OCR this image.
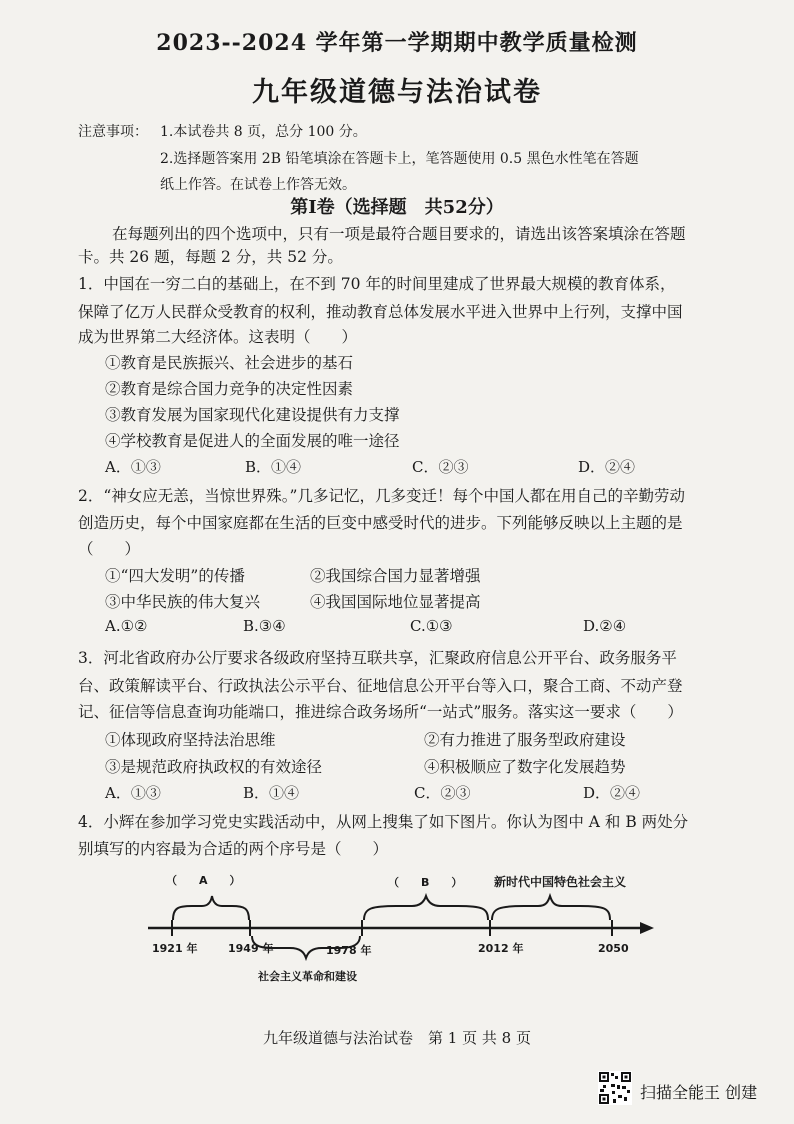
2023--2024 学年第一学期期中教学质量检测
九年级道德与法治试卷
注意事项： 1.本试卷共 8 页，总分 100 分。
2.选择题答案用 2B 铅笔填涂在答题卡上，笔答题使用 0.5 黑色水性笔在答题
纸上作答。在试卷上作答无效。
第Ⅰ卷（选择题　共52分）
在每题列出的四个选项中，只有一项是最符合题目要求的，请选出该答案填涂在答题
卡。共 26 题，每题 2 分，共 52 分。
1．中国在一穷二白的基础上，在不到 70 年的时间里建成了世界最大规模的教育体系，
保障了亿万人民群众受教育的权利，推动教育总体发展水平进入世界中上行列，支撑中国
成为世界第二大经济体。这表明（　　）
①教育是民族振兴、社会进步的基石
②教育是综合国力竞争的决定性因素
③教育发展为国家现代化建设提供有力支撑
④学校教育是促进人的全面发展的唯一途径
A．①③	B．①④	C．②③	D．②④
2．“神女应无恙，当惊世界殊。”几多记忆，几多变迁！每个中国人都在用自己的辛勤劳动
创造历史，每个中国家庭都在生活的巨变中感受时代的进步。下列能够反映以上主题的是
（　　）
①“四大发明”的传播	②我国综合国力显著增强
③中华民族的伟大复兴	④我国国际地位显著提高
A.①②	B.③④	C.①③	D.②④
3．河北省政府办公厅要求各级政府坚持互联共享，汇聚政府信息公开平台、政务服务平
台、政策解读平台、行政执法公示平台、征地信息公开平台等入口，聚合工商、不动产登
记、征信等信息查询功能端口，推进综合政务场所“一站式”服务。落实这一要求（　　）
①体现政府坚持法治思维	②有力推进了服务型政府建设
③是规范政府执政权的有效途径	④积极顺应了数字化发展趋势
A．①③	B．①④	C．②③	D．②④
4．小辉在参加学习党史实践活动中，从网上搜集了如下图片。你认为图中 A 和 B 两处分
别填写的内容最为合适的两个序号是（　　）
（　　A　　）	（　　B　　）	新时代中国特色社会主义
社会主义革命和建设
1921 年	1949 年	1978 年	2012 年	2050
九年级道德与法治试卷　第 1 页 共 8 页
扫描全能王 创建
